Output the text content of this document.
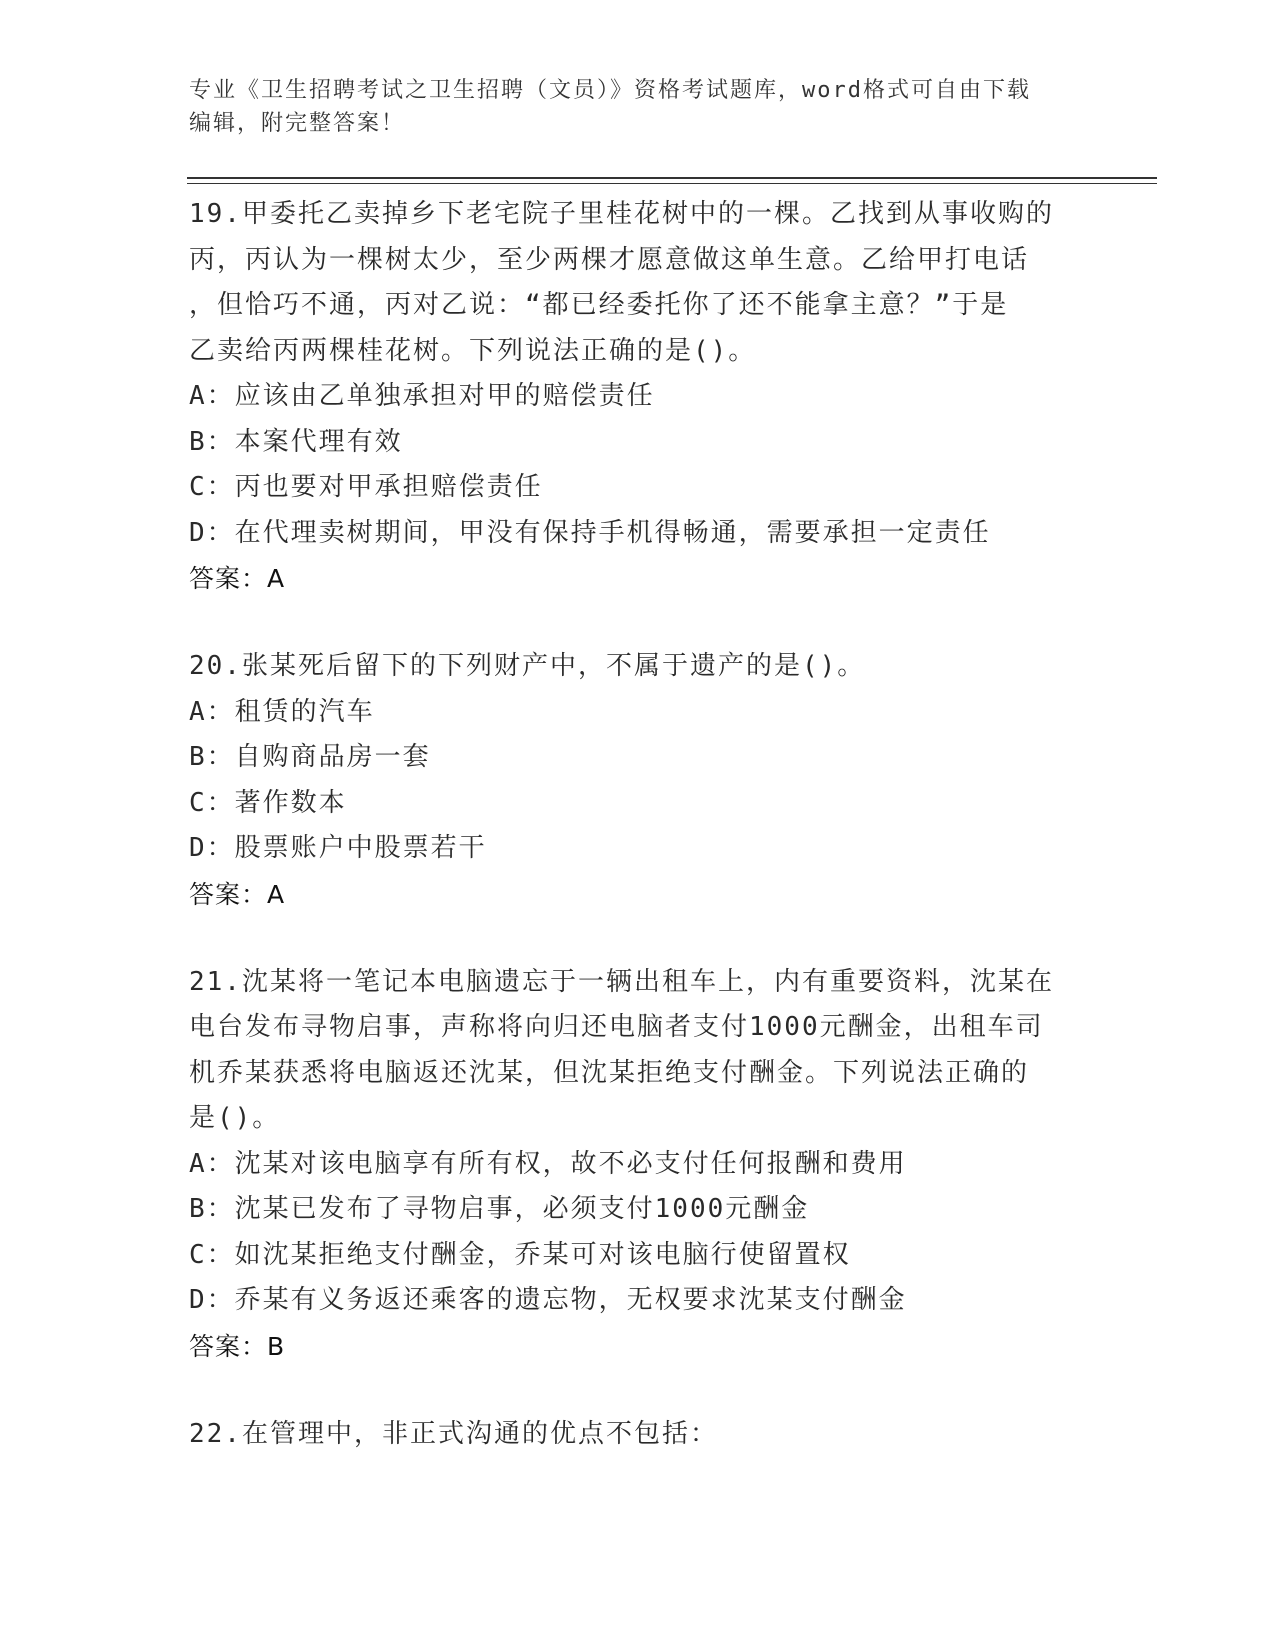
专业《卫生招聘考试之卫生招聘（文员）》资格考试题库，word格式可自由下载
编辑，附完整答案！

19.甲委托乙卖掉乡下老宅院子里桂花树中的一棵。乙找到从事收购的
丙，丙认为一棵树太少，至少两棵才愿意做这单生意。乙给甲打电话
，但恰巧不通，丙对乙说：“都已经委托你了还不能拿主意？”于是
乙卖给丙两棵桂花树。下列说法正确的是()。

A：应该由乙单独承担对甲的赔偿责任
B：本案代理有效
C：丙也要对甲承担赔偿责任
D：在代理卖树期间，甲没有保持手机得畅通，需要承担一定责任
答案：A

20.张某死后留下的下列财产中，不属于遗产的是()。

A：租赁的汽车
B：自购商品房一套
C：著作数本
D：股票账户中股票若干
答案：A

21.沈某将一笔记本电脑遗忘于一辆出租车上，内有重要资料，沈某在
电台发布寻物启事，声称将向归还电脑者支付1000元酬金，出租车司
机乔某获悉将电脑返还沈某，但沈某拒绝支付酬金。下列说法正确的
是()。

A：沈某对该电脑享有所有权，故不必支付任何报酬和费用
B：沈某已发布了寻物启事，必须支付1000元酬金
C：如沈某拒绝支付酬金，乔某可对该电脑行使留置权
D：乔某有义务返还乘客的遗忘物，无权要求沈某支付酬金
答案：B

22.在管理中，非正式沟通的优点不包括：
